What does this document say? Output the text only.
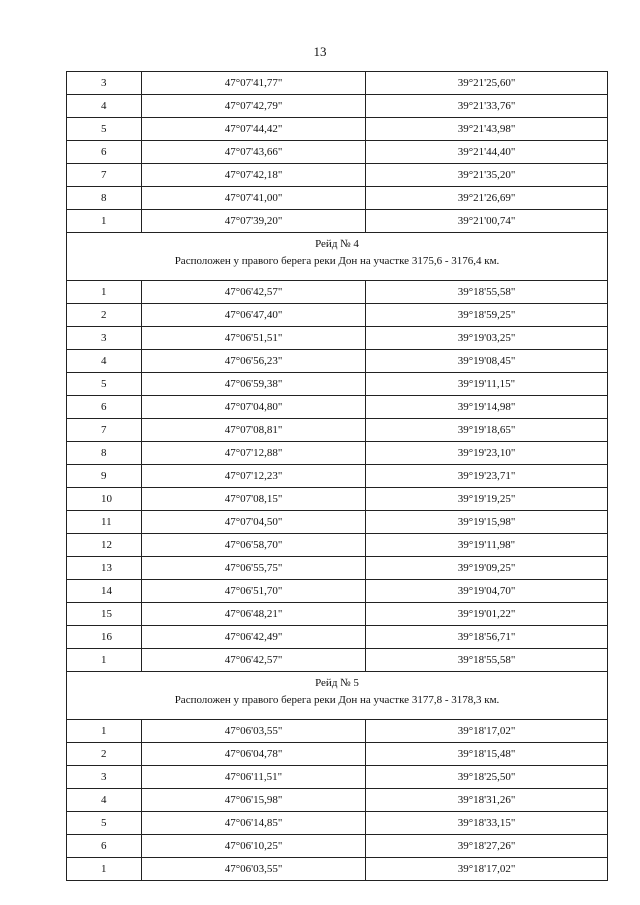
13
3	47°07'41,77"	39°21'25,60"
4	47°07'42,79"	39°21'33,76"
5	47°07'44,42"	39°21'43,98"
6	47°07'43,66"	39°21'44,40"
7	47°07'42,18"	39°21'35,20"
8	47°07'41,00"	39°21'26,69"
1	47°07'39,20"	39°21'00,74"

Рейд № 4
Расположен у правого берега реки Дон на участке 3175,6 - 3176,4 км.		

1	47°06'42,57"	39°18'55,58"
2	47°06'47,40"	39°18'59,25"
3	47°06'51,51"	39°19'03,25"
4	47°06'56,23"	39°19'08,45"
5	47°06'59,38"	39°19'11,15"
6	47°07'04,80"	39°19'14,98"
7	47°07'08,81"	39°19'18,65"
8	47°07'12,88"	39°19'23,10"
9	47°07'12,23"	39°19'23,71"
10	47°07'08,15"	39°19'19,25"
11	47°07'04,50"	39°19'15,98"
12	47°06'58,70"	39°19'11,98"
13	47°06'55,75"	39°19'09,25"
14	47°06'51,70"	39°19'04,70"
15	47°06'48,21"	39°19'01,22"
16	47°06'42,49"	39°18'56,71"
1	47°06'42,57"	39°18'55,58"

Рейд № 5
Расположен у правого берега реки Дон на участке 3177,8 - 3178,3 км.		

1	47°06'03,55"	39°18'17,02"
2	47°06'04,78"	39°18'15,48"
3	47°06'11,51"	39°18'25,50"
4	47°06'15,98"	39°18'31,26"
5	47°06'14,85"	39°18'33,15"
6	47°06'10,25"	39°18'27,26"
1	47°06'03,55"	39°18'17,02"
